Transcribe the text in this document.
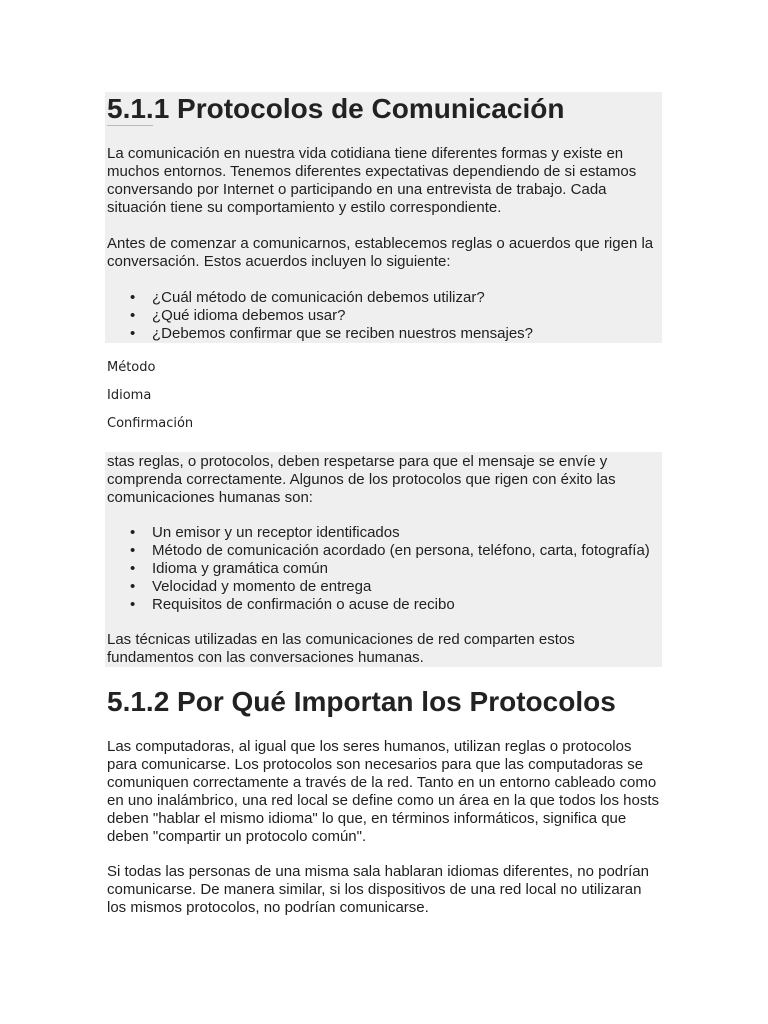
5.1.1 Protocolos de Comunicación

La comunicación en nuestra vida cotidiana tiene diferentes formas y existe en muchos entornos. Tenemos diferentes expectativas dependiendo de si estamos conversando por Internet o participando en una entrevista de trabajo. Cada situación tiene su comportamiento y estilo correspondiente.

Antes de comenzar a comunicarnos, establecemos reglas o acuerdos que rigen la conversación. Estos acuerdos incluyen lo siguiente:

• ¿Cuál método de comunicación debemos utilizar?
• ¿Qué idioma debemos usar?
• ¿Debemos confirmar que se reciben nuestros mensajes?

Método

Idioma

Confirmación

stas reglas, o protocolos, deben respetarse para que el mensaje se envíe y comprenda correctamente. Algunos de los protocolos que rigen con éxito las comunicaciones humanas son:

• Un emisor y un receptor identificados
• Método de comunicación acordado (en persona, teléfono, carta, fotografía)
• Idioma y gramática común
• Velocidad y momento de entrega
• Requisitos de confirmación o acuse de recibo

Las técnicas utilizadas en las comunicaciones de red comparten estos fundamentos con las conversaciones humanas.

5.1.2 Por Qué Importan los Protocolos

Las computadoras, al igual que los seres humanos, utilizan reglas o protocolos para comunicarse. Los protocolos son necesarios para que las computadoras se comuniquen correctamente a través de la red. Tanto en un entorno cableado como en uno inalámbrico, una red local se define como un área en la que todos los hosts deben "hablar el mismo idioma" lo que, en términos informáticos, significa que deben "compartir un protocolo común".

Si todas las personas de una misma sala hablaran idiomas diferentes, no podrían comunicarse. De manera similar, si los dispositivos de una red local no utilizaran los mismos protocolos, no podrían comunicarse.
